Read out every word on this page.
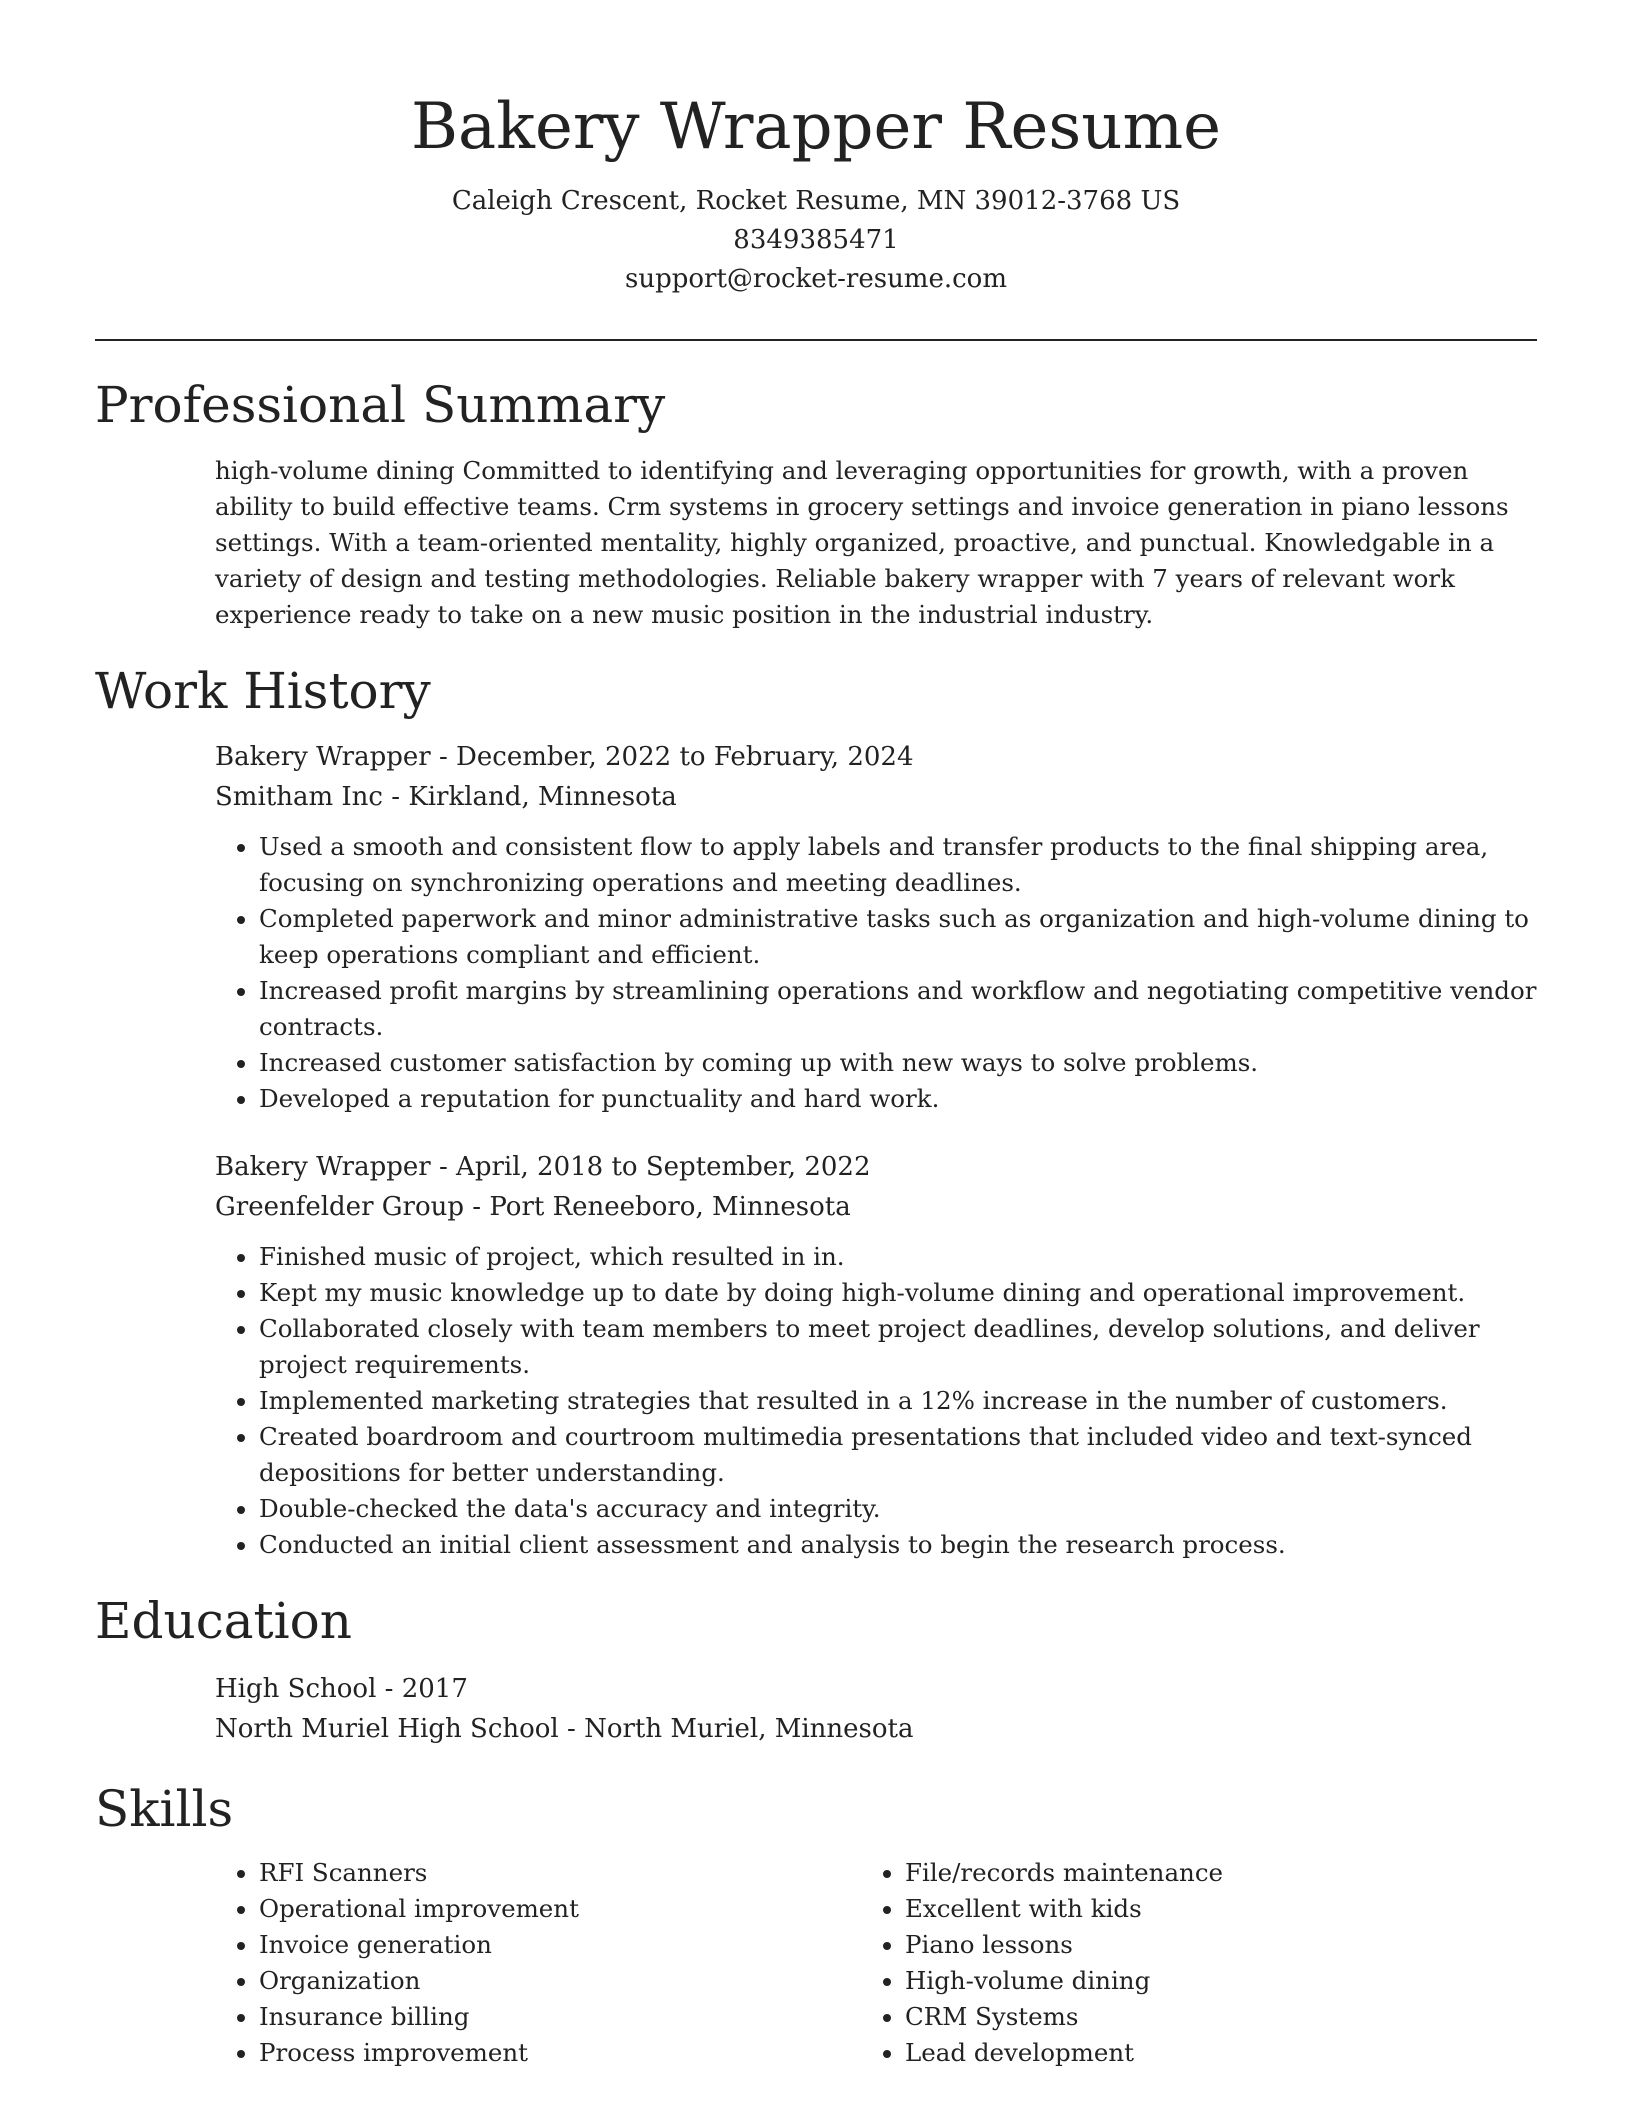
Bakery Wrapper Resume
Caleigh Crescent, Rocket Resume, MN 39012-3768 US
8349385471
support@rocket-resume.com
Professional Summary

high-volume dining Committed to identifying and leveraging opportunities for growth, with a proven ability to build effective teams. Crm systems in grocery settings and invoice generation in piano lessons settings. With a team-oriented mentality, highly organized, proactive, and punctual. Knowledgable in a variety of design and testing methodologies. Reliable bakery wrapper with 7 years of relevant work experience ready to take on a new music position in the industrial industry.

Work History
Bakery Wrapper - December, 2022 to February, 2024
Smitham Inc - Kirkland, Minnesota
• Used a smooth and consistent flow to apply labels and transfer products to the final shipping area, focusing on synchronizing operations and meeting deadlines.
• Completed paperwork and minor administrative tasks such as organization and high-volume dining to keep operations compliant and efficient.
• Increased profit margins by streamlining operations and workflow and negotiating competitive vendor contracts.
• Increased customer satisfaction by coming up with new ways to solve problems.
• Developed a reputation for punctuality and hard work.
Bakery Wrapper - April, 2018 to September, 2022
Greenfelder Group - Port Reneeboro, Minnesota
• Finished music of project, which resulted in in.
• Kept my music knowledge up to date by doing high-volume dining and operational improvement.
• Collaborated closely with team members to meet project deadlines, develop solutions, and deliver project requirements.
• Implemented marketing strategies that resulted in a 12% increase in the number of customers.
• Created boardroom and courtroom multimedia presentations that included video and text-synced depositions for better understanding.
• Double-checked the data's accuracy and integrity.
• Conducted an initial client assessment and analysis to begin the research process.
Education
High School - 2017
North Muriel High School - North Muriel, Minnesota
Skills
• RFI Scanners
• Operational improvement
• Invoice generation
• Organization
• Insurance billing
• Process improvement
• File/records maintenance
• Excellent with kids
• Piano lessons
• High-volume dining
• CRM Systems
• Lead development
